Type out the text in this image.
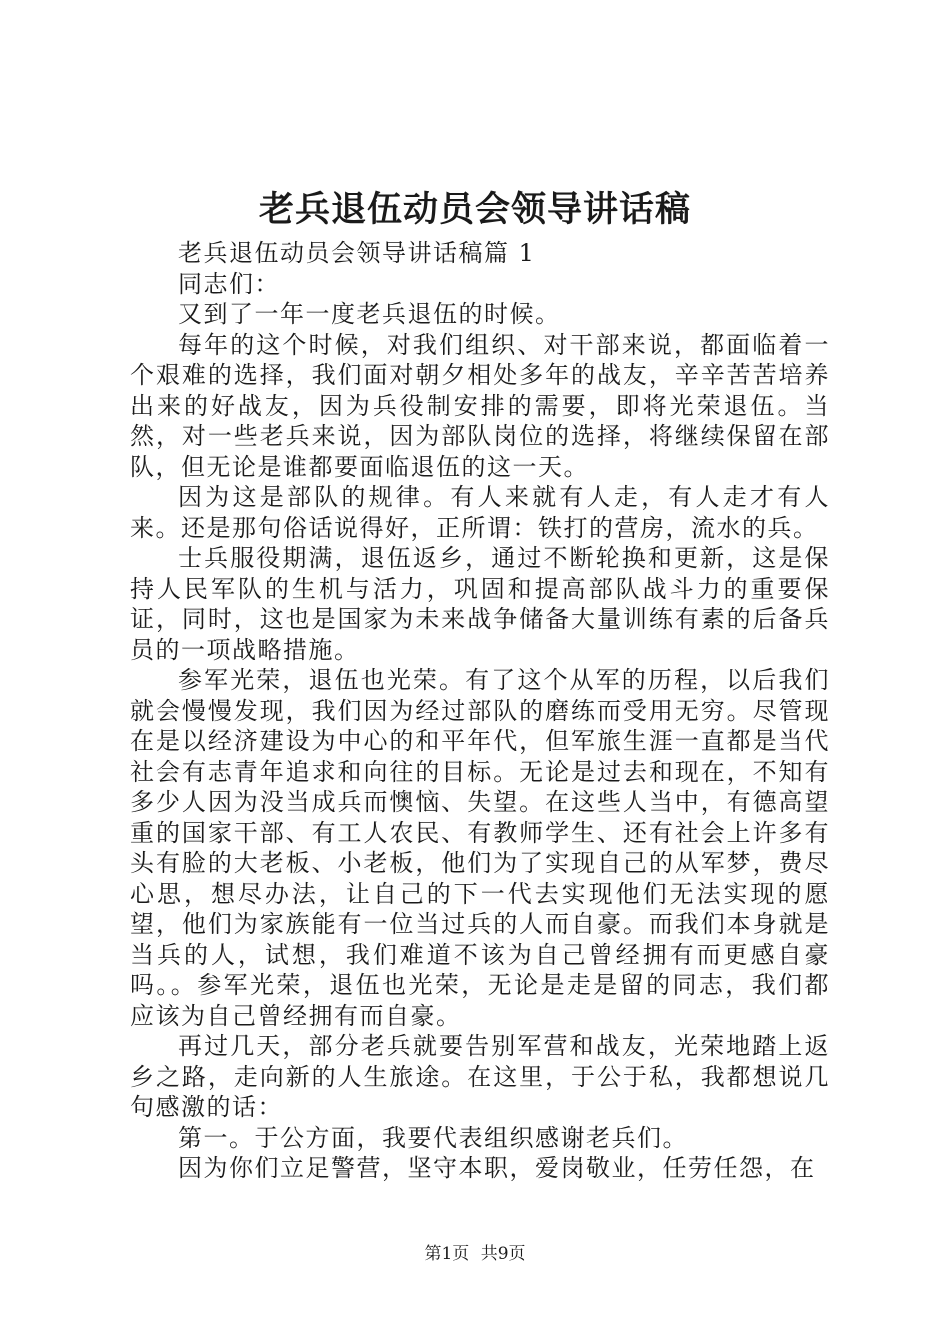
老兵退伍动员会领导讲话稿

老兵退伍动员会领导讲话稿篇 1

同志们：

又到了一年一度老兵退伍的时候。

每年的这个时候，对我们组织、对干部来说，都面临着一个艰难的选择，我们面对朝夕相处多年的战友，辛辛苦苦培养出来的好战友，因为兵役制安排的需要，即将光荣退伍。当然，对一些老兵来说，因为部队岗位的选择，将继续保留在部队，但无论是谁都要面临退伍的这一天。

因为这是部队的规律。有人来就有人走，有人走才有人来。还是那句俗话说得好，正所谓：铁打的营房，流水的兵。

士兵服役期满，退伍返乡，通过不断轮换和更新，这是保持人民军队的生机与活力，巩固和提高部队战斗力的重要保证，同时，这也是国家为未来战争储备大量训练有素的后备兵员的一项战略措施。

参军光荣，退伍也光荣。有了这个从军的历程，以后我们就会慢慢发现，我们因为经过部队的磨练而受用无穷。尽管现在是以经济建设为中心的和平年代，但军旅生涯一直都是当代社会有志青年追求和向往的目标。无论是过去和现在，不知有多少人因为没当成兵而懊恼、失望。在这些人当中，有德高望重的国家干部、有工人农民、有教师学生、还有社会上许多有头有脸的大老板、小老板，他们为了实现自己的从军梦，费尽心思，想尽办法，让自己的下一代去实现他们无法实现的愿望，他们为家族能有一位当过兵的人而自豪。而我们本身就是当兵的人，试想，我们难道不该为自己曾经拥有而更感自豪吗。。参军光荣，退伍也光荣，无论是走是留的同志，我们都应该为自己曾经拥有而自豪。

再过几天，部分老兵就要告别军营和战友，光荣地踏上返乡之路，走向新的人生旅途。在这里，于公于私，我都想说几句感激的话：

第一。于公方面，我要代表组织感谢老兵们。

因为你们立足警营，坚守本职，爱岗敬业，任劳任怨，在

第1页 共9页
